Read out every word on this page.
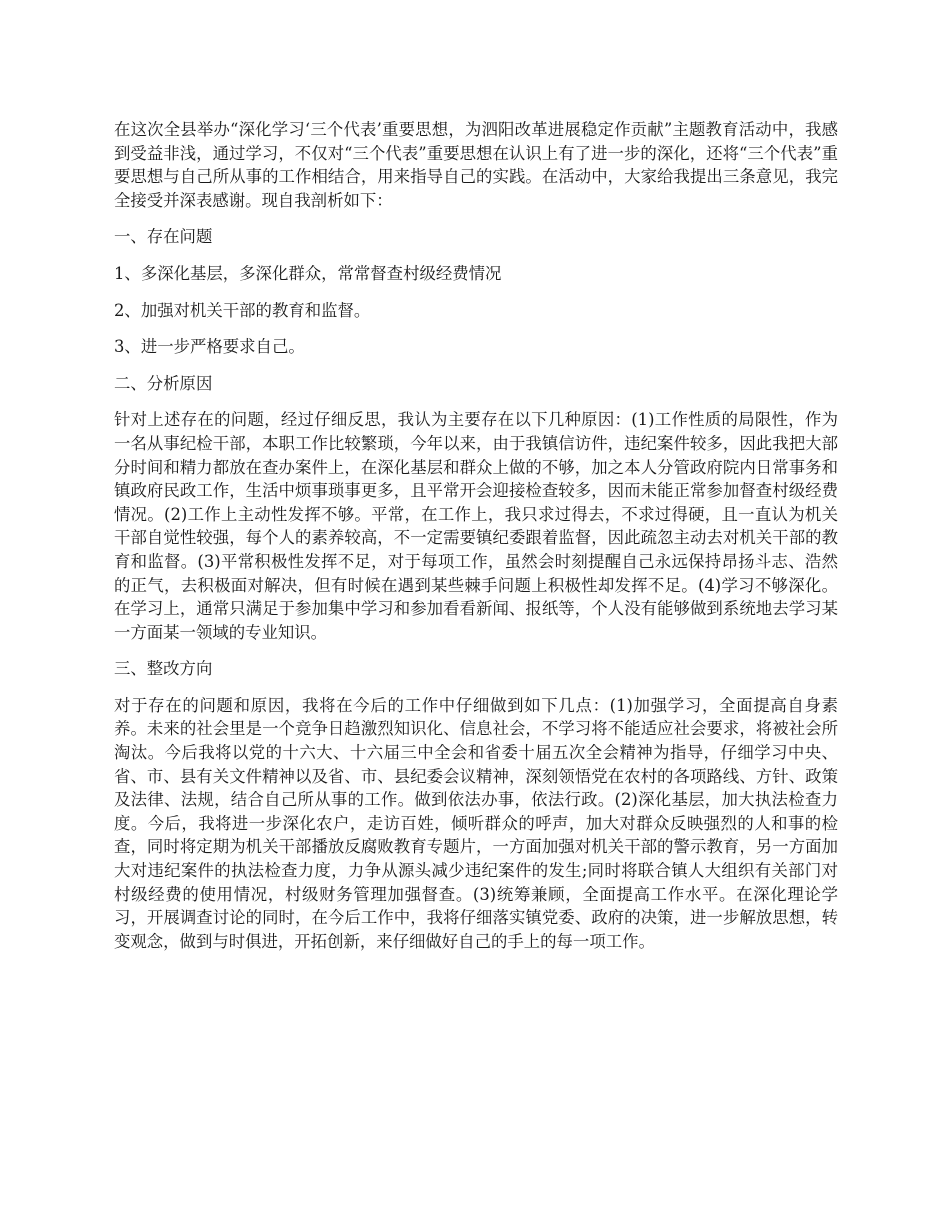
在这次全县举办“深化学习‘三个代表’重要思想，为泗阳改革进展稳定作贡献”主题教育活动中，我感到受益非浅，通过学习，不仅对“三个代表”重要思想在认识上有了进一步的深化，还将“三个代表”重要思想与自己所从事的工作相结合，用来指导自己的实践。在活动中，大家给我提出三条意见，我完全接受并深表感谢。现自我剖析如下：

一、存在问题

1、多深化基层，多深化群众，常常督查村级经费情况

2、加强对机关干部的教育和监督。

3、进一步严格要求自己。

二、分析原因

针对上述存在的问题，经过仔细反思，我认为主要存在以下几种原因：(1)工作性质的局限性，作为一名从事纪检干部，本职工作比较繁琐，今年以来，由于我镇信访件，违纪案件较多，因此我把大部分时间和精力都放在查办案件上，在深化基层和群众上做的不够，加之本人分管政府院内日常事务和镇政府民政工作，生活中烦事琐事更多，且平常开会迎接检查较多，因而未能正常参加督查村级经费情况。(2)工作上主动性发挥不够。平常，在工作上，我只求过得去，不求过得硬，且一直认为机关干部自觉性较强，每个人的素养较高，不一定需要镇纪委跟着监督，因此疏忽主动去对机关干部的教育和监督。(3)平常积极性发挥不足，对于每项工作，虽然会时刻提醒自己永远保持昂扬斗志、浩然的正气，去积极面对解决，但有时候在遇到某些棘手问题上积极性却发挥不足。(4)学习不够深化。在学习上，通常只满足于参加集中学习和参加看看新闻、报纸等，个人没有能够做到系统地去学习某一方面某一领域的专业知识。

三、整改方向

对于存在的问题和原因，我将在今后的工作中仔细做到如下几点：(1)加强学习，全面提高自身素养。未来的社会里是一个竞争日趋激烈知识化、信息社会，不学习将不能适应社会要求，将被社会所淘汰。今后我将以党的十六大、十六届三中全会和省委十届五次全会精神为指导，仔细学习中央、省、市、县有关文件精神以及省、市、县纪委会议精神，深刻领悟党在农村的各项路线、方针、政策及法律、法规，结合自己所从事的工作。做到依法办事，依法行政。(2)深化基层，加大执法检查力度。今后，我将进一步深化农户，走访百姓，倾听群众的呼声，加大对群众反映强烈的人和事的检查，同时将定期为机关干部播放反腐败教育专题片，一方面加强对机关干部的警示教育，另一方面加大对违纪案件的执法检查力度，力争从源头减少违纪案件的发生;同时将联合镇人大组织有关部门对村级经费的使用情况，村级财务管理加强督查。(3)统筹兼顾，全面提高工作水平。在深化理论学习，开展调查讨论的同时，在今后工作中，我将仔细落实镇党委、政府的决策，进一步解放思想，转变观念，做到与时俱进，开拓创新，来仔细做好自己的手上的每一项工作。
